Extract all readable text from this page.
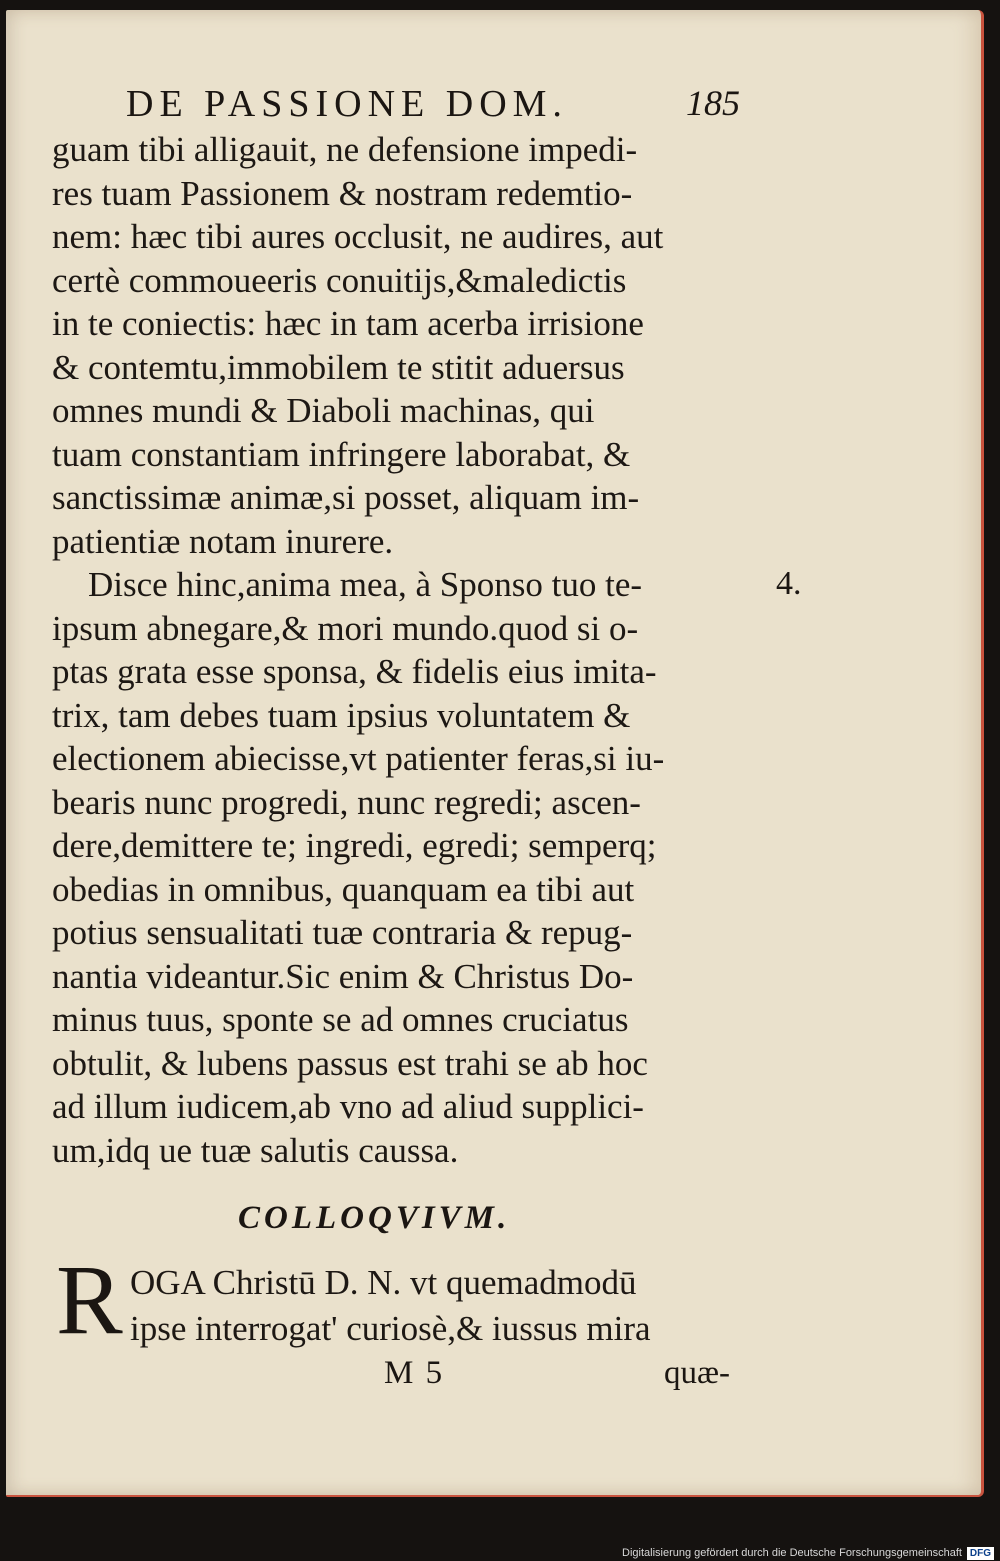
DE PASSIONE DOM.	185
guam tibi alligauit, ne defensione impedi-
res tuam Passionem & nostram redemtio-
nem: hæc tibi aures occlusit, ne audires, aut
certè commoueeris conuitijs,&maledictis
in te coniectis: hæc in tam acerba irrisione
& contemtu,immobilem te stitit aduersus
omnes mundi & Diaboli machinas, qui
tuam constantiam infringere laborabat, &
sanctissimæ animæ,si posset, aliquam im-
patientiæ notam inurere.
Disce hinc,anima mea, à Sponso tuo te-
ipsum abnegare,& mori mundo.quod si o-
ptas grata esse sponsa, & fidelis eius imita-
trix, tam debes tuam ipsius voluntatem &
electionem abiecisse,vt patienter feras,si iu-
bearis nunc progredi, nunc regredi; ascen-
dere,demittere te; ingredi, egredi; semperq;
obedias in omnibus, quanquam ea tibi aut
potius sensualitati tuæ contraria & repug-
nantia videantur.Sic enim & Christus Do-
minus tuus, sponte se ad omnes cruciatus
obtulit, & lubens passus est trahi se ab hoc
ad illum iudicem,ab vno ad aliud supplici-
um,idq ue tuæ salutis caussa.
4.
COLLOQVIVM.
R OGA Christū D. N. vt quemadmodū
ipse interrogat' curiosè,& iussus mira
M 5	quæ-
Digitalisierung gefördert durch die Deutsche Forschungsgemeinschaft DFG
